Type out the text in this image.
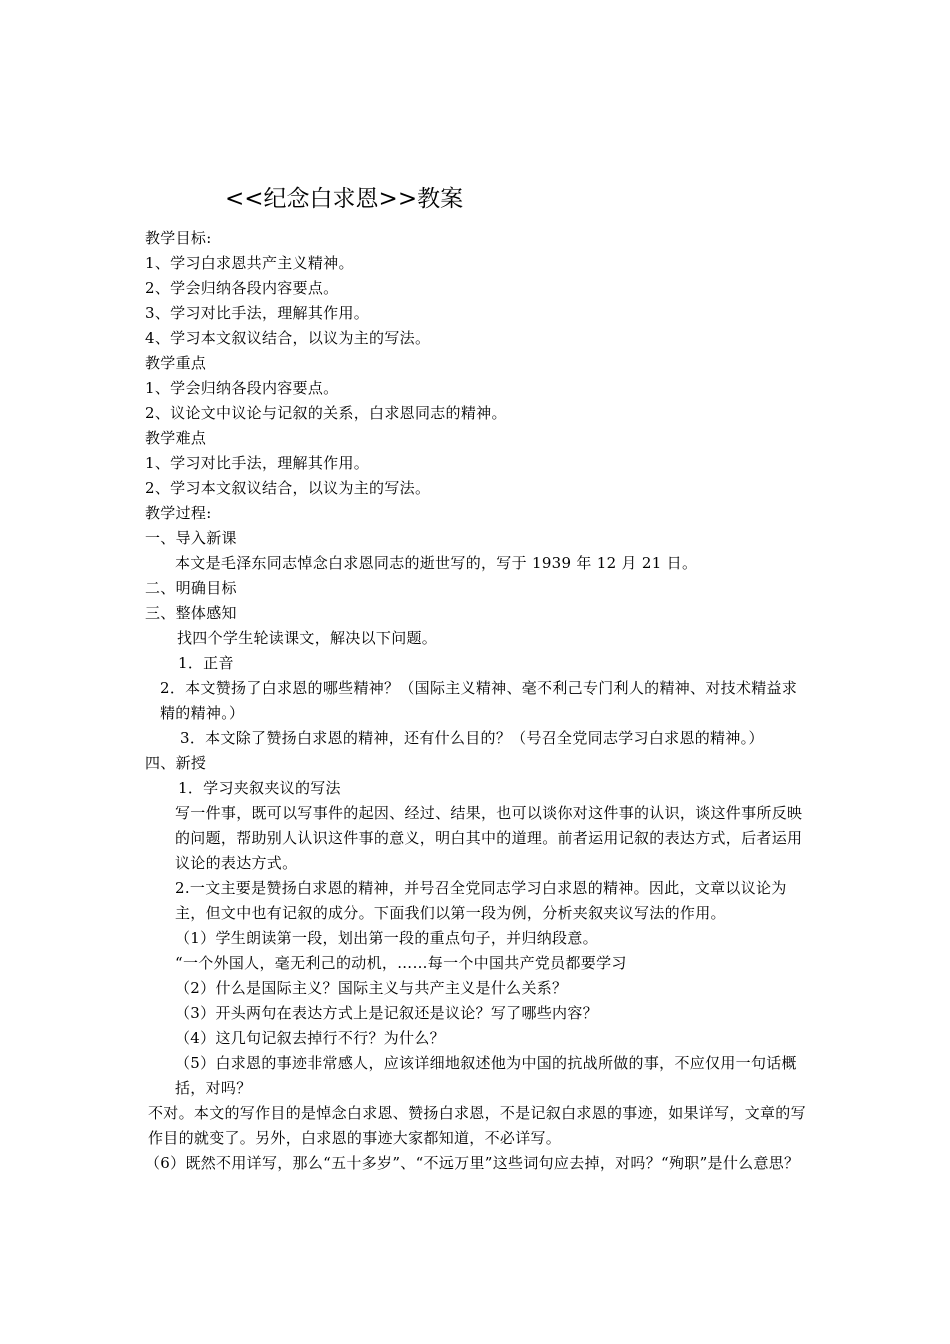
<<纪念白求恩>>教案

教学目标:

1、学习白求恩共产主义精神。

2、学会归纳各段内容要点。

3、学习对比手法，理解其作用。

4、学习本文叙议结合，以议为主的写法。

教学重点

1、学会归纳各段内容要点。

2、议论文中议论与记叙的关系，白求恩同志的精神。

教学难点

1、学习对比手法，理解其作用。

2、学习本文叙议结合，以议为主的写法。

教学过程:

一、导入新课

本文是毛泽东同志悼念白求恩同志的逝世写的，写于 1939 年 12 月 21 日。

二、明确目标

三、整体感知

找四个学生轮读课文，解决以下问题。

1．正音

2．本文赞扬了白求恩的哪些精神？（国际主义精神、毫不利己专门利人的精神、对技术精益求精的精神。）

3．本文除了赞扬白求恩的精神，还有什么目的？（号召全党同志学习白求恩的精神。）

四、新授

1．学习夹叙夹议的写法

写一件事，既可以写事件的起因、经过、结果，也可以谈你对这件事的认识，谈这件事所反映的问题，帮助别人认识这件事的意义，明白其中的道理。前者运用记叙的表达方式，后者运用议论的表达方式。

2.一文主要是赞扬白求恩的精神，并号召全党同志学习白求恩的精神。因此，文章以议论为主，但文中也有记叙的成分。下面我们以第一段为例，分析夹叙夹议写法的作用。

（1）学生朗读第一段，划出第一段的重点句子，并归纳段意。

“一个外国人，毫无利己的动机，……每一个中国共产党员都要学习

（2）什么是国际主义？国际主义与共产主义是什么关系？

（3）开头两句在表达方式上是记叙还是议论？写了哪些内容？

（4）这几句记叙去掉行不行？为什么？

（5）白求恩的事迹非常感人，应该详细地叙述他为中国的抗战所做的事，不应仅用一句话概括，对吗？

不对。本文的写作目的是悼念白求恩、赞扬白求恩，不是记叙白求恩的事迹，如果详写，文章的写作目的就变了。另外，白求恩的事迹大家都知道，不必详写。

（6）既然不用详写，那么“五十多岁”、“不远万里”这些词句应去掉，对吗？“殉职”是什么意思？
